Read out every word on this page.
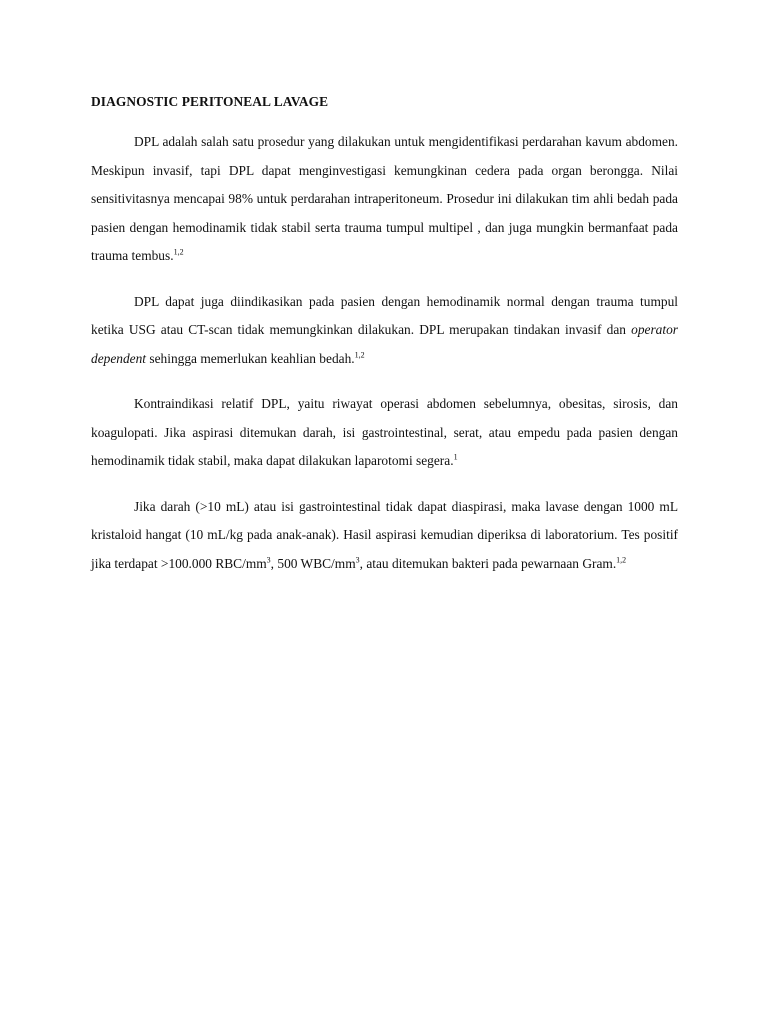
DIAGNOSTIC PERITONEAL LAVAGE

DPL adalah salah satu prosedur yang dilakukan untuk mengidentifikasi perdarahan kavum abdomen. Meskipun invasif, tapi DPL dapat menginvestigasi kemungkinan cedera pada organ berongga. Nilai sensitivitasnya mencapai 98% untuk perdarahan intraperitoneum. Prosedur ini dilakukan tim ahli bedah pada pasien dengan hemodinamik tidak stabil serta trauma tumpul multipel , dan juga mungkin bermanfaat pada trauma tembus.$^{1,2}$

DPL dapat juga diindikasikan pada pasien dengan hemodinamik normal dengan trauma tumpul ketika USG atau CT-scan tidak memungkinkan dilakukan. DPL merupakan tindakan invasif dan operator dependent sehingga memerlukan keahlian bedah.$^{1,2}$

Kontraindikasi relatif DPL, yaitu riwayat operasi abdomen sebelumnya, obesitas, sirosis, dan koagulopati. Jika aspirasi ditemukan darah, isi gastrointestinal, serat, atau empedu pada pasien dengan hemodinamik tidak stabil, maka dapat dilakukan laparotomi segera.$^1$

Jika darah (>10 mL) atau isi gastrointestinal tidak dapat diaspirasi, maka lavase dengan 1000 mL kristaloid hangat (10 mL/kg pada anak-anak). Hasil aspirasi kemudian diperiksa di laboratorium. Tes positif jika terdapat >100.000 RBC/$mm^3$, 500 WBC/$mm^3$, atau ditemukan bakteri pada pewarnaan Gram.$^{1,2}$
